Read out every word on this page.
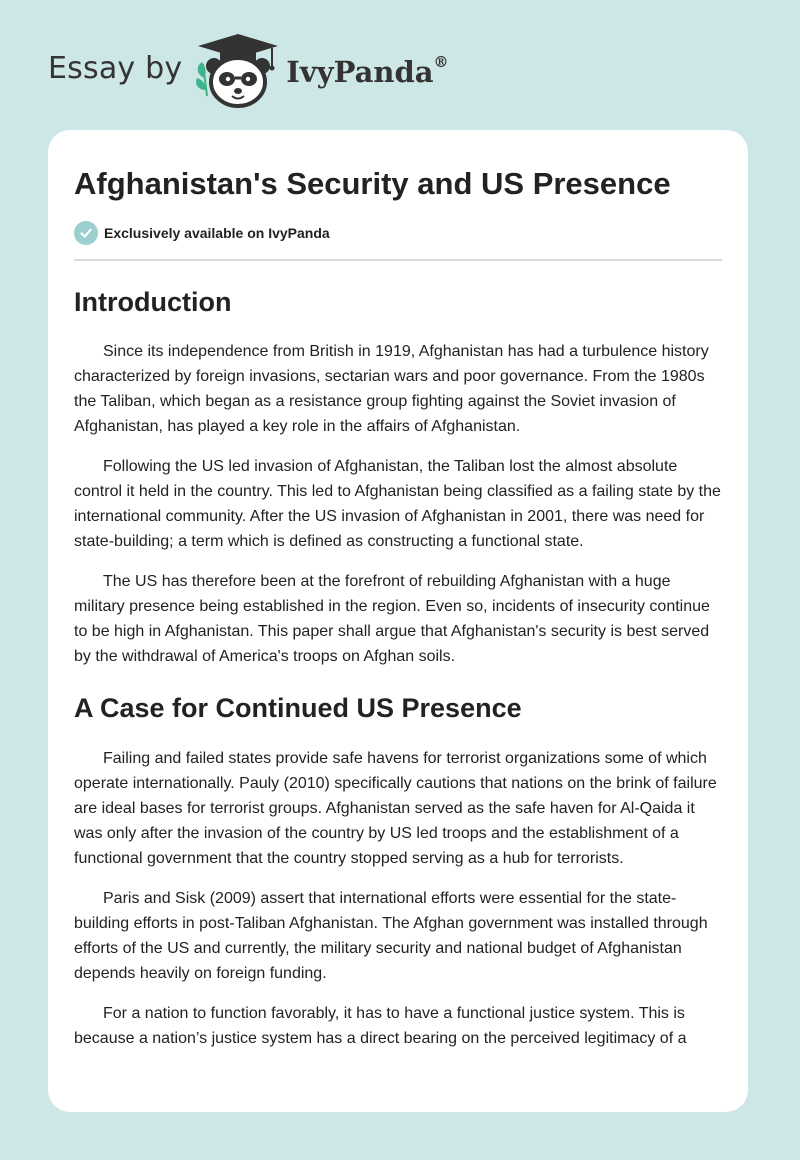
Essay by	IvyPanda®
Afghanistan's Security and US Presence
Exclusively available on IvyPanda
Introduction

Since its independence from British in 1919, Afghanistan has had a turbulence history characterized by foreign invasions, sectarian wars and poor governance. From the 1980s the Taliban, which began as a resistance group fighting against the Soviet invasion of Afghanistan, has played a key role in the affairs of Afghanistan.

Following the US led invasion of Afghanistan, the Taliban lost the almost absolute control it held in the country. This led to Afghanistan being classified as a failing state by the international community. After the US invasion of Afghanistan in 2001, there was need for state-building; a term which is defined as constructing a functional state.

The US has therefore been at the forefront of rebuilding Afghanistan with a huge military presence being established in the region. Even so, incidents of insecurity continue to be high in Afghanistan. This paper shall argue that Afghanistan's security is best served by the withdrawal of America's troops on Afghan soils.

A Case for Continued US Presence

Failing and failed states provide safe havens for terrorist organizations some of which operate internationally. Pauly (2010) specifically cautions that nations on the brink of failure are ideal bases for terrorist groups. Afghanistan served as the safe haven for Al-Qaida it was only after the invasion of the country by US led troops and the establishment of a functional government that the country stopped serving as a hub for terrorists.

Paris and Sisk (2009) assert that international efforts were essential for the state-building efforts in post-Taliban Afghanistan. The Afghan government was installed through efforts of the US and currently, the military security and national budget of Afghanistan depends heavily on foreign funding.

For a nation to function favorably, it has to have a functional justice system. This is because a nation’s justice system has a direct bearing on the perceived legitimacy of a
